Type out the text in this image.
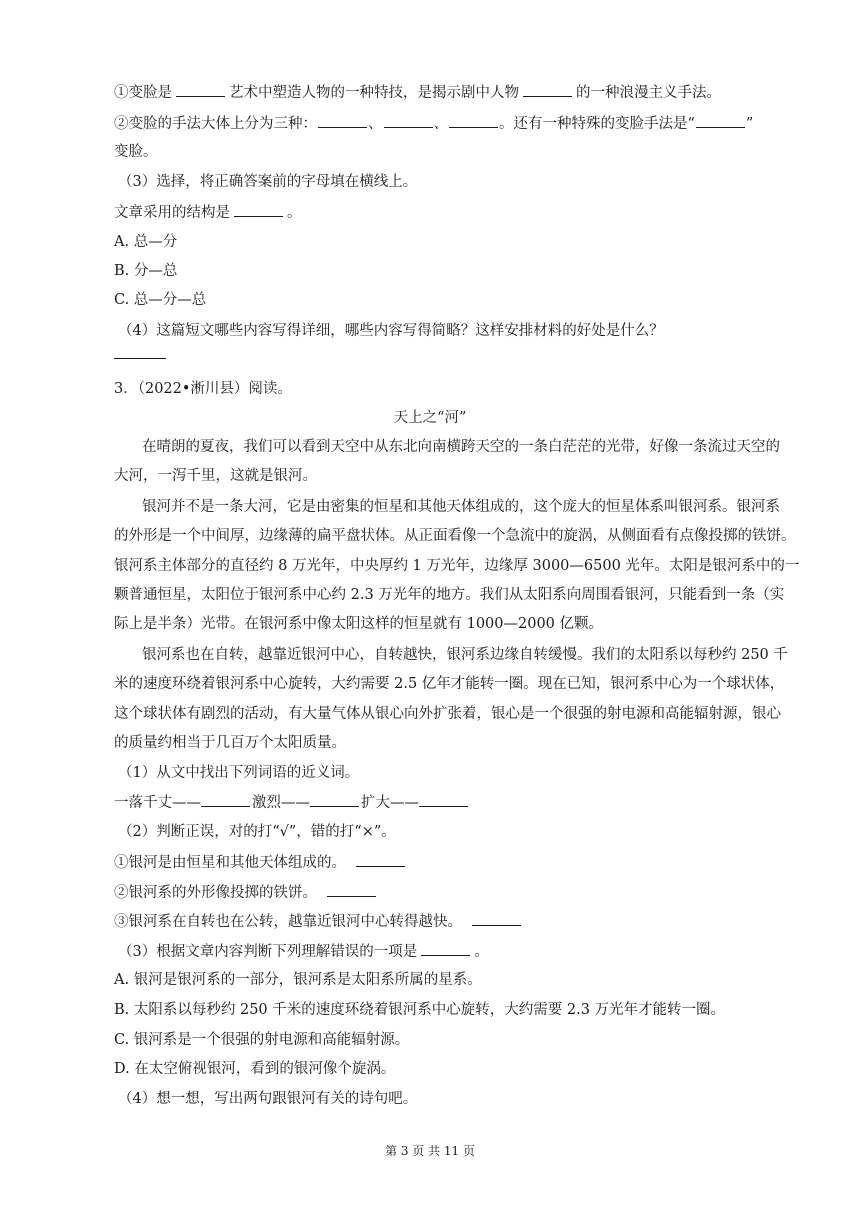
①变脸是	艺术中塑造人物的一种特技，是揭示剧中人物	的一种浪漫主义手法。
②变脸的手法大体上分为三种：	、	、	。还有一种特殊的变脸手法是“	”
变脸。
（3）选择，将正确答案前的字母填在横线上。
文章采用的结构是	。
A. 总—分
B. 分—总
C. 总—分—总
（4）这篇短文哪些内容写得详细，哪些内容写得简略？这样安排材料的好处是什么？
3．（2022•淅川县）阅读。
天上之“河”
在晴朗的夏夜，我们可以看到天空中从东北向南横跨天空的一条白茫茫的光带，好像一条流过天空的
大河，一泻千里，这就是银河。
银河并不是一条大河，它是由密集的恒星和其他天体组成的，这个庞大的恒星体系叫银河系。银河系
的外形是一个中间厚，边缘薄的扁平盘状体。从正面看像一个急流中的旋涡，从侧面看有点像投掷的铁饼。
银河系主体部分的直径约 8 万光年，中央厚约 1 万光年，边缘厚 3000—6500 光年。太阳是银河系中的一
颗普通恒星，太阳位于银河系中心约 2.3 万光年的地方。我们从太阳系向周围看银河，只能看到一条（实
际上是半条）光带。在银河系中像太阳这样的恒星就有 1000—2000 亿颗。
银河系也在自转，越靠近银河中心，自转越快，银河系边缘自转缓慢。我们的太阳系以每秒约 250 千
米的速度环绕着银河系中心旋转，大约需要 2.5 亿年才能转一圈。现在已知，银河系中心为一个球状体，
这个球状体有剧烈的活动，有大量气体从银心向外扩张着，银心是一个很强的射电源和高能辐射源，银心
的质量约相当于几百万个太阳质量。
（1）从文中找出下列词语的近义词。
一落千丈——	激烈——	扩大——
（2）判断正误，对的打“√”，错的打“×”。
①银河是由恒星和其他天体组成的。
②银河系的外形像投掷的铁饼。
③银河系在自转也在公转，越靠近银河中心转得越快。
（3）根据文章内容判断下列理解错误的一项是	。
A. 银河是银河系的一部分，银河系是太阳系所属的星系。
B. 太阳系以每秒约 250 千米的速度环绕着银河系中心旋转，大约需要 2.3 万光年才能转一圈。
C. 银河系是一个很强的射电源和高能辐射源。
D. 在太空俯视银河，看到的银河像个旋涡。
（4）想一想，写出两句跟银河有关的诗句吧。
第 3 页 共 11 页
